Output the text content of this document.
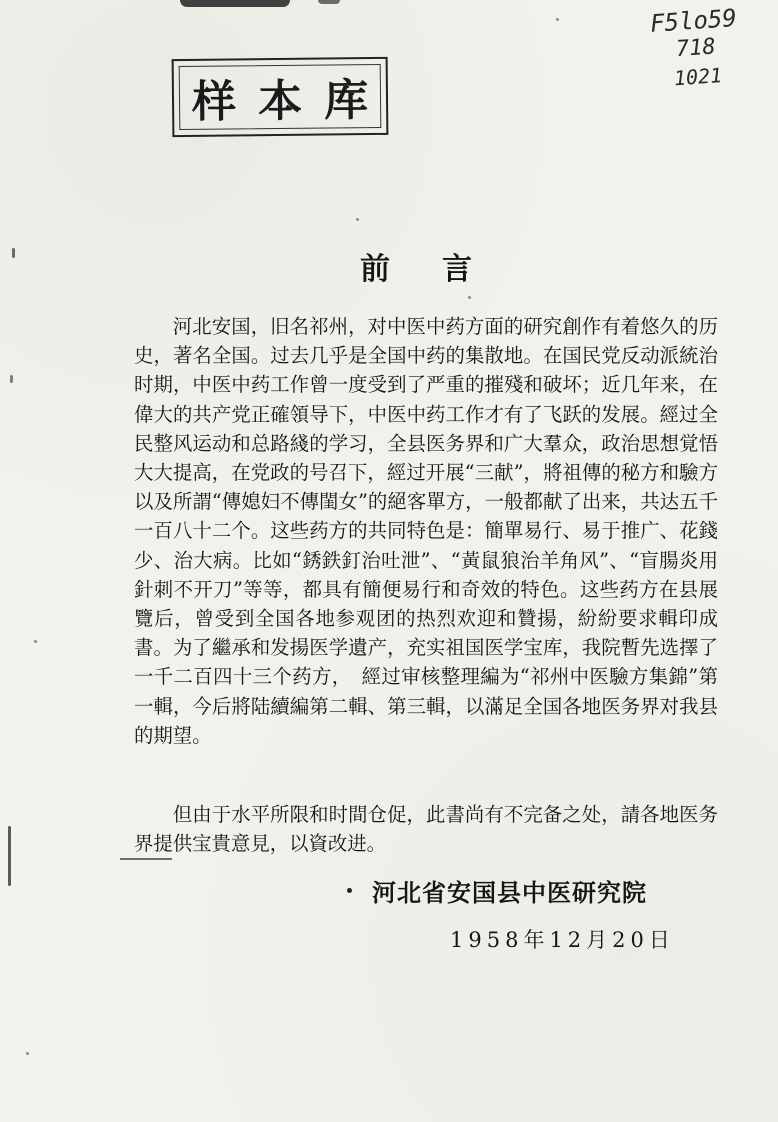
样本库
F5lo59
718
1021
前言

河北安国，旧名祁州，对中医中药方面的研究創作有着悠久的历史，著名全国。过去几乎是全国中药的集散地。在国民党反动派統治时期，中医中药工作曾一度受到了严重的摧殘和破坏；近几年来，在偉大的共产党正確領导下，中医中药工作才有了飞跃的发展。經过全民整风运动和总路綫的学习，全县医务界和广大羣众，政治思想覚悟大大提高，在党政的号召下，經过开展“三献”，將祖傳的秘方和驗方以及所謂“傳媳妇不傳閨女”的絕客單方，一般都献了出来，共达五千一百八十二个。这些药方的共同特色是：簡單易行、易于推广、花錢少、治大病。比如“銹鉄釘治吐泄”、“黃鼠狼治羊角风”、“盲腸炎用針刺不开刀”等等，都具有簡便易行和奇效的特色。这些药方在县展覽后，曾受到全国各地参观团的热烈欢迎和贊揚，紛紛要求輯印成書。为了繼承和发揚医学遺产，充实祖国医学宝库，我院暫先选擇了一千二百四十三个药方，　經过审核整理編为“祁州中医驗方集錦”第一輯，今后將陆續編第二輯、第三輯，以滿足全国各地医务界对我县的期望。

但由于水平所限和时間仓促，此書尚有不完备之处，請各地医务界提供宝貴意見，以資改进。

河北省安国县中医研究院
1958年12月20日
